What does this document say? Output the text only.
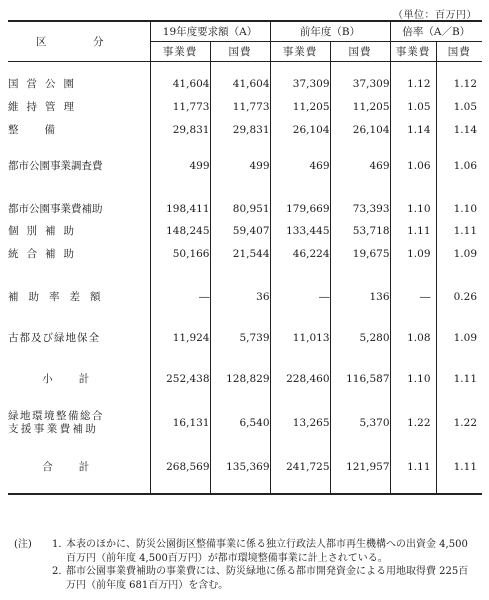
（単位：百万円）
区　分	19年度要求額（A）		前年度（B）		倍率（A／B）	
	事業費	国費	事業費	国費	事業費	国費

国営公園	41,604	41,604	37,309	37,309	1.12	1.12
維持管理	11,773	11,773	11,205	11,205	1.05	1.05
整備	29,831	29,831	26,104	26,104	1.14	1.14

都市公園事業調査費	499	499	469	469	1.06	1.06

都市公園事業費補助	198,411	80,951	179,669	73,393	1.10	1.10
個別補助	148,245	59,407	133,445	53,718	1.11	1.11
統合補助	50,166	21,544	46,224	19,675	1.09	1.09

補助率差額	―	36	―	136	―	0.26

古都及び緑地保全	11,924	5,739	11,013	5,280	1.08	1.09

小計	252,438	128,829	228,460	116,587	1.10	1.11

緑地環境整備総合
支援事業費補助	16,131	6,540	13,265	5,370	1.22	1.22

合計	268,569	135,369	241,725	121,957	1.11	1.11

(注)	1．
本表のほかに、防災公園街区整備事業に係る独立行政法人都市再生機構への出資金 4,500百万円（前年度 4,500百万円）が都市環境整備事業に計上されている。
2．
都市公園事業費補助の事業費には、防災緑地に係る都市開発資金による用地取得費 225百万円（前年度 681百万円）を含む。
